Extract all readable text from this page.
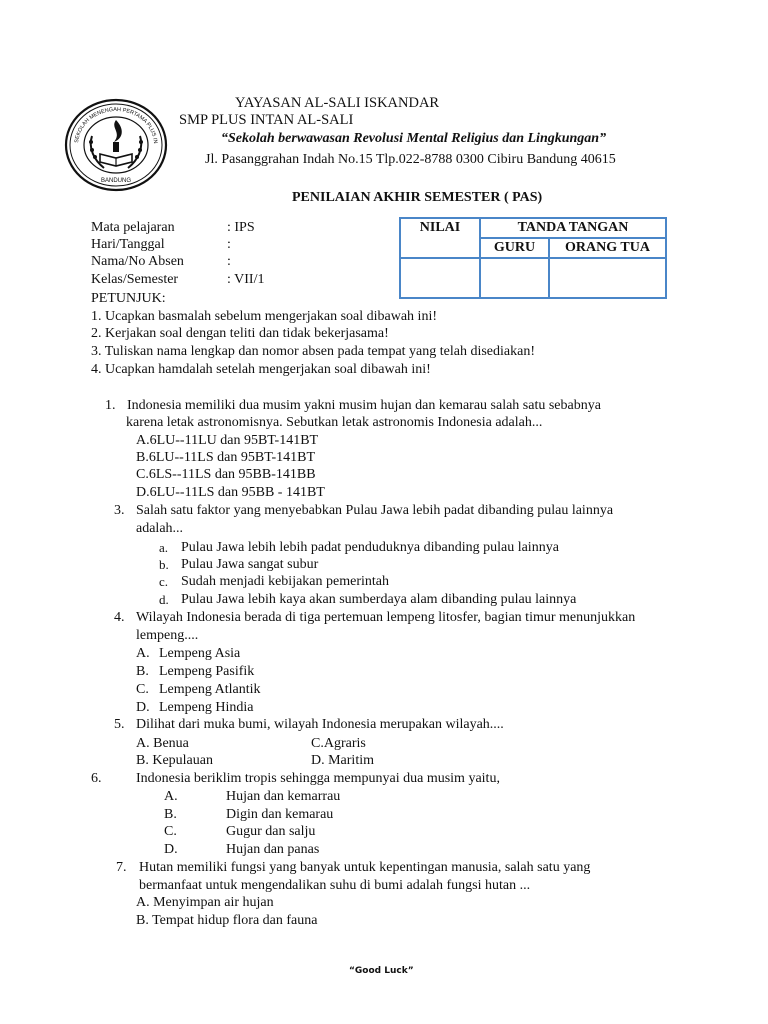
SEKOLAH MENENGAH PERTAMA PLUS IN
BANDUNG
YAYASAN AL-SALI ISKANDAR
SMP PLUS INTAN AL-SALI
“Sekolah berwawasan Revolusi Mental Religius dan Lingkungan”
Jl. Pasanggrahan Indah No.15 Tlp.022-8788 0300 Cibiru Bandung 40615
PENILAIAN AKHIR SEMESTER ( PAS)
Mata pelajaran	: IPS
Hari/Tanggal	:
Nama/No Absen	:
Kelas/Semester	: VII/1
NILAI	TANDA TANGAN	
	GURU	ORANG TUA

PETUNJUK:
1. Ucapkan basmalah sebelum mengerjakan soal dibawah ini!
2. Kerjakan soal dengan teliti dan tidak bekerjasama!
3. Tuliskan nama lengkap dan nomor absen pada tempat yang telah disediakan!
4. Ucapkan hamdalah setelah mengerjakan soal dibawah ini!
1. Indonesia memiliki dua musim yakni musim hujan dan kemarau salah satu sebabnya
karena letak astronomisnya. Sebutkan letak astronomis Indonesia adalah...
A.6LU--11LU dan 95BT-141BT
B.6LU--11LS dan 95BT-141BT
C.6LS--11LS dan 95BB-141BB
D.6LU--11LS dan 95BB - 141BT
3. Salah satu faktor yang menyebabkan Pulau Jawa lebih padat dibanding pulau lainnya
adalah...
a. Pulau Jawa lebih lebih padat penduduknya dibanding pulau lainnya
b. Pulau Jawa sangat subur
c. Sudah menjadi kebijakan pemerintah
d. Pulau Jawa lebih kaya akan sumberdaya alam dibanding pulau lainnya
4. Wilayah Indonesia berada di tiga pertemuan lempeng litosfer, bagian timur menunjukkan
lempeng....
A. Lempeng Asia
B. Lempeng Pasifik
C. Lempeng Atlantik
D. Lempeng Hindia
5. Dilihat dari muka bumi, wilayah Indonesia merupakan wilayah....
A. Benua	C.Agraris
B. Kepulauan	D. Maritim
6. Indonesia beriklim tropis sehingga mempunyai dua musim yaitu,
A.	Hujan dan kemarrau
B.	Digin dan kemarau
C.	Gugur dan salju
D.	Hujan dan panas
7. Hutan memiliki fungsi yang banyak untuk kepentingan manusia, salah satu yang
bermanfaat untuk mengendalikan suhu di bumi adalah fungsi hutan ...
A. Menyimpan air hujan
B. Tempat hidup flora dan fauna
“Good Luck”
